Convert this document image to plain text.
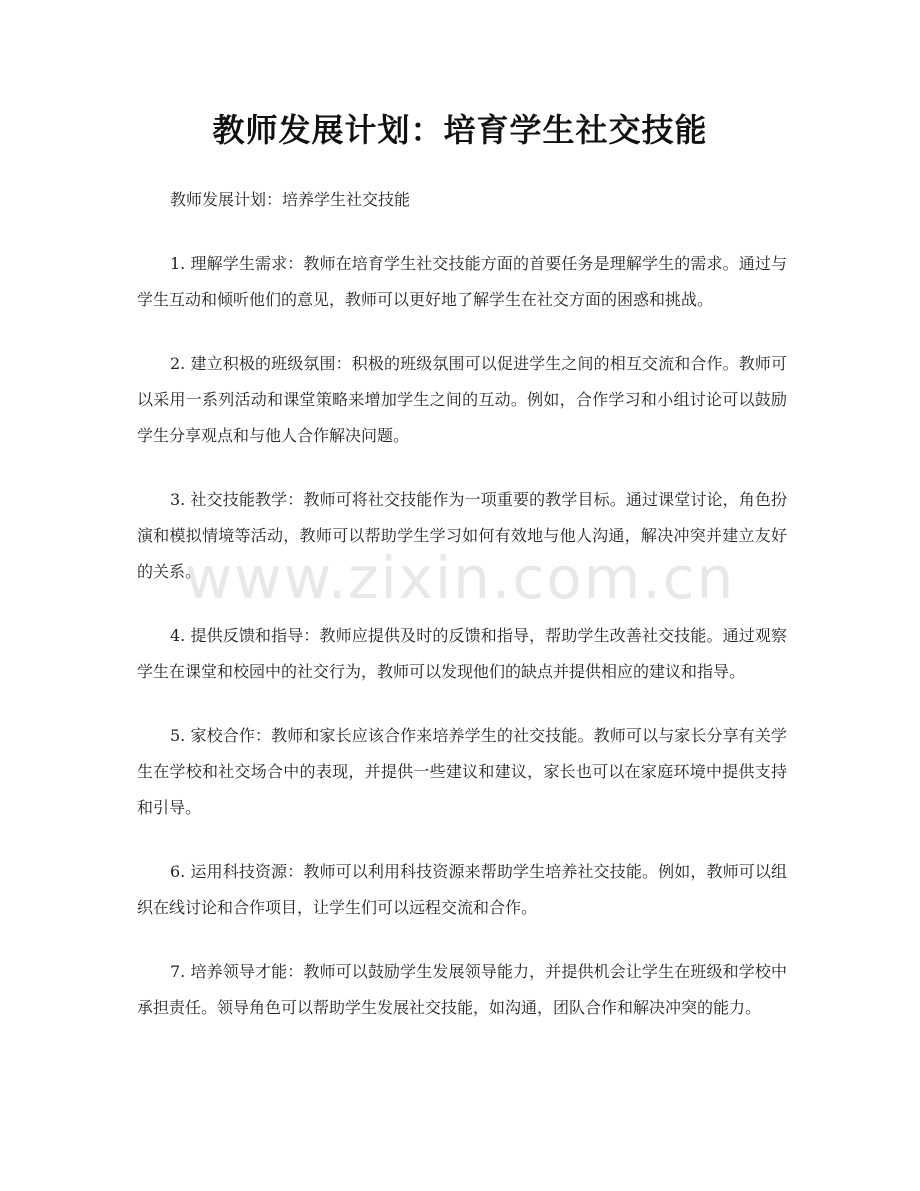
教师发展计划：培育学生社交技能

教师发展计划：培养学生社交技能

1. 理解学生需求：教师在培育学生社交技能方面的首要任务是理解学生的需求。通过与学生互动和倾听他们的意见，教师可以更好地了解学生在社交方面的困惑和挑战。

2. 建立积极的班级氛围：积极的班级氛围可以促进学生之间的相互交流和合作。教师可以采用一系列活动和课堂策略来增加学生之间的互动。例如，合作学习和小组讨论可以鼓励学生分享观点和与他人合作解决问题。

3. 社交技能教学：教师可将社交技能作为一项重要的教学目标。通过课堂讨论，角色扮演和模拟情境等活动，教师可以帮助学生学习如何有效地与他人沟通，解决冲突并建立友好的关系。

4. 提供反馈和指导：教师应提供及时的反馈和指导，帮助学生改善社交技能。通过观察学生在课堂和校园中的社交行为，教师可以发现他们的缺点并提供相应的建议和指导。

5. 家校合作：教师和家长应该合作来培养学生的社交技能。教师可以与家长分享有关学生在学校和社交场合中的表现，并提供一些建议和建议，家长也可以在家庭环境中提供支持和引导。

6. 运用科技资源：教师可以利用科技资源来帮助学生培养社交技能。例如，教师可以组织在线讨论和合作项目，让学生们可以远程交流和合作。

7. 培养领导才能：教师可以鼓励学生发展领导能力，并提供机会让学生在班级和学校中承担责任。领导角色可以帮助学生发展社交技能，如沟通，团队合作和解决冲突的能力。

www.zixin.com.cn
